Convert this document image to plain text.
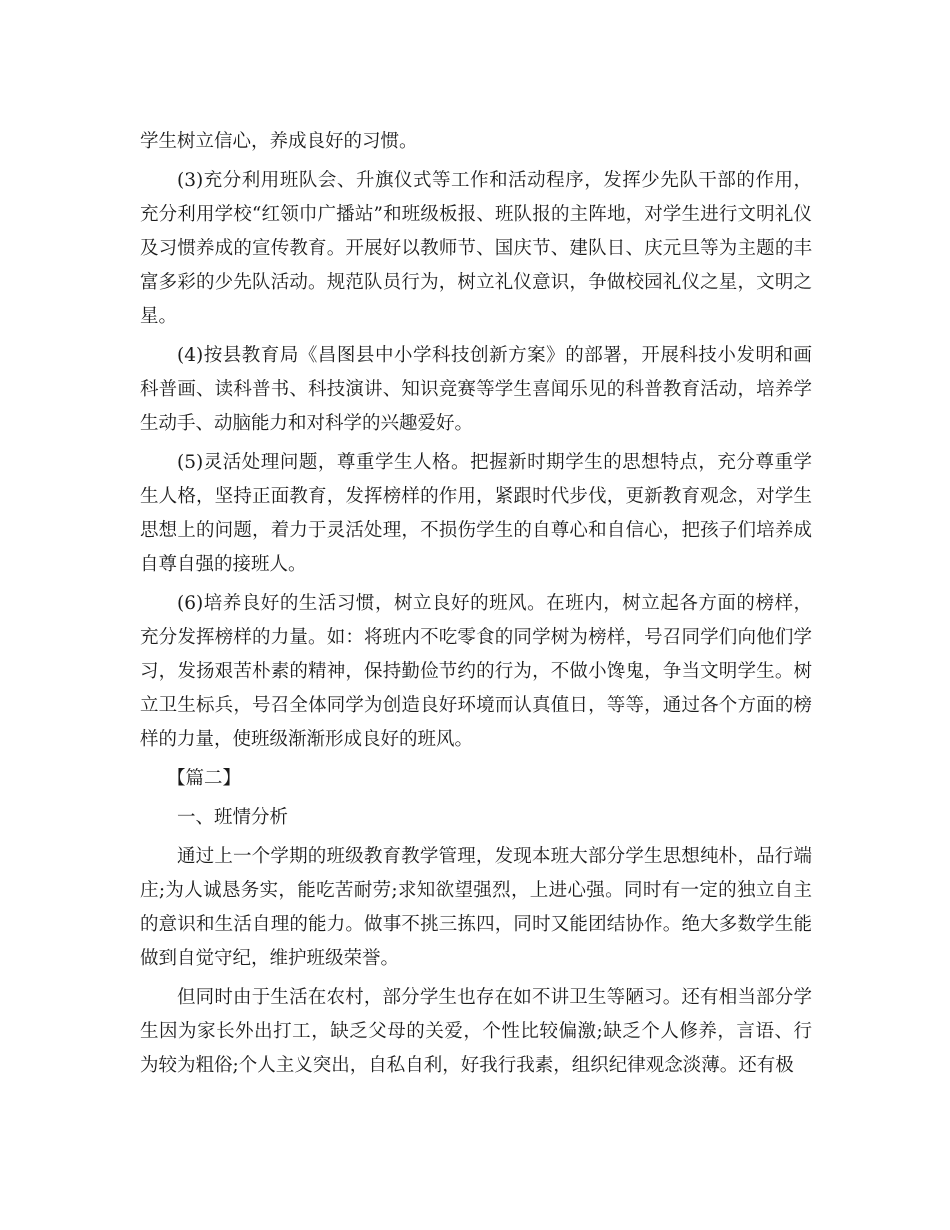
学生树立信心，养成良好的习惯。

(3)充分利用班队会、升旗仪式等工作和活动程序，发挥少先队干部的作用，充分利用学校“红领巾广播站”和班级板报、班队报的主阵地，对学生进行文明礼仪及习惯养成的宣传教育。开展好以教师节、国庆节、建队日、庆元旦等为主题的丰富多彩的少先队活动。规范队员行为，树立礼仪意识，争做校园礼仪之星，文明之星。

(4)按县教育局《昌图县中小学科技创新方案》的部署，开展科技小发明和画科普画、读科普书、科技演讲、知识竞赛等学生喜闻乐见的科普教育活动，培养学生动手、动脑能力和对科学的兴趣爱好。

(5)灵活处理问题，尊重学生人格。把握新时期学生的思想特点，充分尊重学生人格，坚持正面教育，发挥榜样的作用，紧跟时代步伐，更新教育观念，对学生思想上的问题，着力于灵活处理，不损伤学生的自尊心和自信心，把孩子们培养成自尊自强的接班人。

(6)培养良好的生活习惯，树立良好的班风。在班内，树立起各方面的榜样，充分发挥榜样的力量。如：将班内不吃零食的同学树为榜样，号召同学们向他们学习，发扬艰苦朴素的精神，保持勤俭节约的行为，不做小馋鬼，争当文明学生。树立卫生标兵，号召全体同学为创造良好环境而认真值日，等等，通过各个方面的榜样的力量，使班级渐渐形成良好的班风。

【篇二】

一、班情分析

通过上一个学期的班级教育教学管理，发现本班大部分学生思想纯朴，品行端庄;为人诚恳务实，能吃苦耐劳;求知欲望强烈，上进心强。同时有一定的独立自主的意识和生活自理的能力。做事不挑三拣四，同时又能团结协作。绝大多数学生能做到自觉守纪，维护班级荣誉。

但同时由于生活在农村，部分学生也存在如不讲卫生等陋习。还有相当部分学生因为家长外出打工，缺乏父母的关爱，个性比较偏激;缺乏个人修养，言语、行为较为粗俗;个人主义突出，自私自利，好我行我素，组织纪律观念淡薄。还有极
